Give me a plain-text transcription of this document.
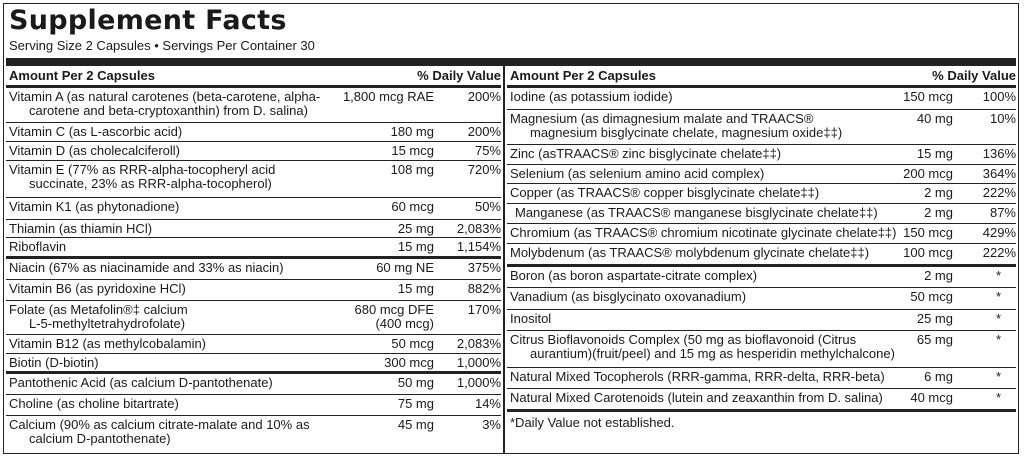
Supplement Facts
Serving Size 2 Capsules • Servings Per Container 30
Amount Per 2 Capsules	% Daily Value
Vitamin A (as natural carotenes (beta-carotene, alpha-
carotene and beta-cryptoxanthin) from D. salina)
1,800 mcg RAE	200%
Vitamin C (as L-ascorbic acid)	180 mg	200%
Vitamin D (as cholecalciferoll)	15 mcg	75%
Vitamin E (77% as RRR-alpha-tocopheryl acid
succinate, 23% as RRR-alpha-tocopherol)
108 mg	720%
Vitamin K1 (as phytonadione)	60 mcg	50%
Thiamin (as thiamin HCl)	25 mg 2,083%
Riboflavin	15 mg 1,154%
Niacin (67% as niacinamide and 33% as niacin)	60 mg NE	375%
Vitamin B6 (as pyridoxine HCl)	15 mg	882%
Folate (as Metafolin®‡ calcium
L-5-methyltetrahydrofolate)
680 mcg DFE
(400 mcg)
170%
Vitamin B12 (as methylcobalamin)	50 mcg 2,083%
Biotin (D-biotin)	300 mcg 1,000%
Pantothenic Acid (as calcium D-pantothenate)	50 mg 1,000%
Choline (as choline bitartrate)	75 mg	14%
Calcium (90% as calcium citrate-malate and 10% as
calcium D-pantothenate)
45 mg	3%
Amount Per 2 Capsules	% Daily Value
Iodine (as potassium iodide)	150 mcg 100%
Magnesium (as dimagnesium malate and TRAACS®
magnesium bisglycinate chelate, magnesium oxide‡‡)
40 mg	10%
Zinc (asTRAACS® zinc bisglycinate chelate‡‡)	15 mg 136%
Selenium (as selenium amino acid complex)	200 mcg 364%
Copper (as TRAACS® copper bisglycinate chelate‡‡)	2 mg 222%
Manganese (as TRAACS® manganese bisglycinate chelate‡‡)	2 mg	87%
Chromium (as TRAACS® chromium nicotinate glycinate chelate‡‡) 150 mcg 429%
Molybdenum (as TRAACS® molybdenum glycinate chelate‡‡)	100 mcg 222%
Boron (as boron aspartate-citrate complex)	2 mg	*
Vanadium (as bisglycinato oxovanadium)	50 mcg	*
Inositol	25 mg	*
Citrus Bioflavonoids Complex (50 mg as bioflavonoid (Citrus
aurantium)(fruit/peel) and 15 mg as hesperidin methylchalcone)
65 mg	*
Natural Mixed Tocopherols (RRR-gamma, RRR-delta, RRR-beta)	6 mg	*
Natural Mixed Carotenoids (lutein and zeaxanthin from D. salina) 40 mcg	*
*Daily Value not established.
